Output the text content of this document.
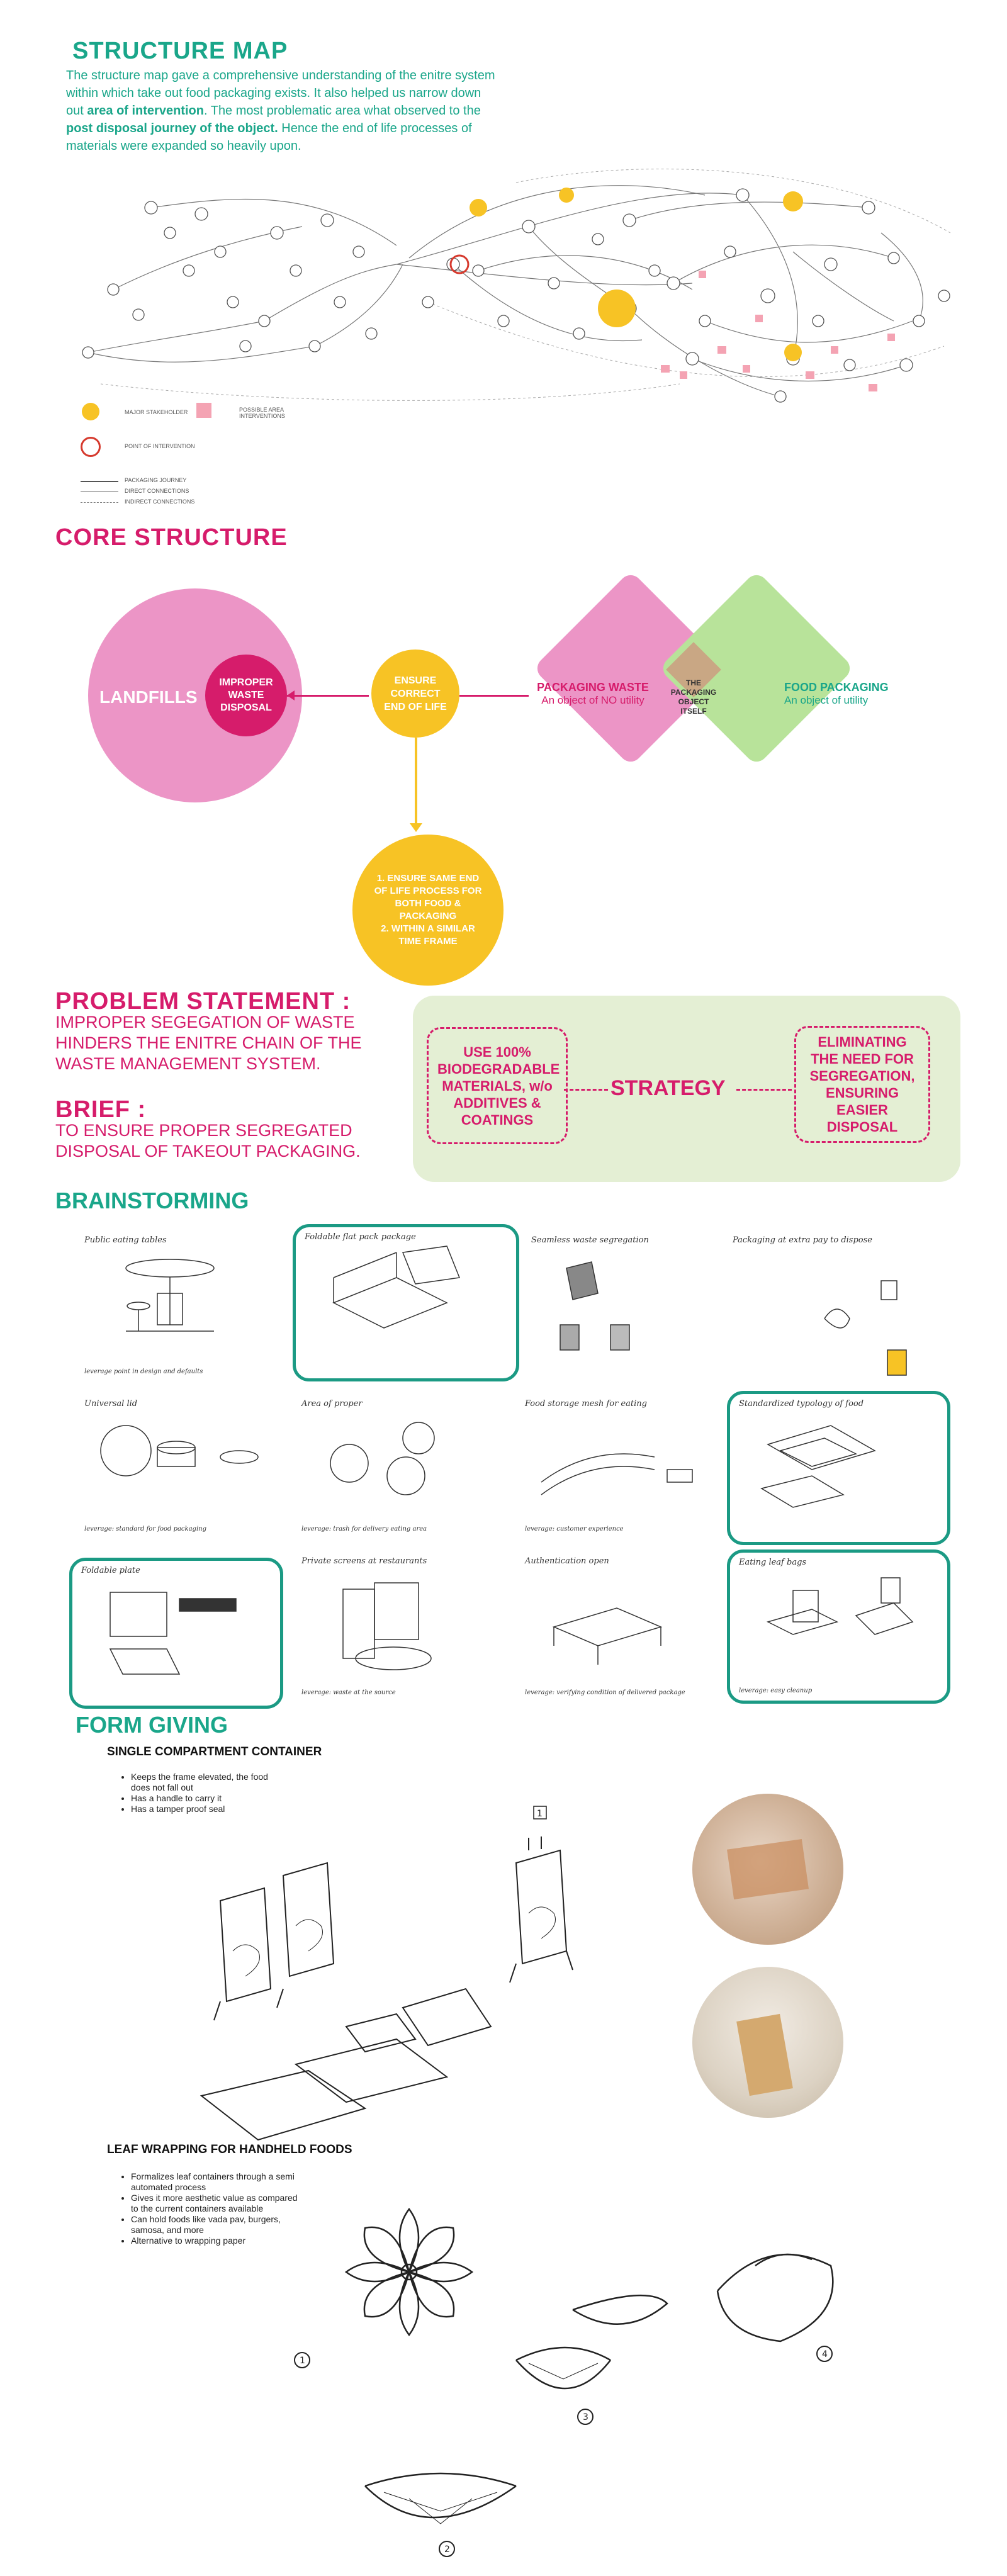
STRUCTURE MAP
The structure map gave a comprehensive understanding of the enitre system within which take out food packaging exists. It also helped us narrow down out area of intervention. The most problematic area what observed to the post disposal journey of the object. Hence the end of life processes of materials were expanded so heavily upon.
MAJOR STAKEHOLDER	POSSIBLE AREA INTERVENTIONS
POINT OF INTERVENTION
PACKAGING JOURNEY
DIRECT CONNECTIONS
INDIRECT CONNECTIONS
CORE STRUCTURE
LANDFILLS
IMPROPER WASTE DISPOSAL
ENSURE CORRECT END OF LIFE
1. ENSURE SAME END OF LIFE PROCESS FOR BOTH FOOD & PACKAGING
2. WITHIN A SIMILAR TIME FRAME
PACKAGING WASTE
An object of NO utility
THE PACKAGING OBJECT ITSELF
FOOD PACKAGING
An object of utility
PROBLEM STATEMENT :
IMPROPER SEGEGATION OF WASTE HINDERS THE ENITRE CHAIN OF THE WASTE MANAGEMENT SYSTEM.
BRIEF :
TO ENSURE PROPER SEGREGATED DISPOSAL OF TAKEOUT PACKAGING.
USE 100% BIODEGRADABLE MATERIALS, w/o ADDITIVES & COATINGS
STRATEGY
ELIMINATING THE NEED FOR SEGREGATION, ENSURING EASIER DISPOSAL
BRAINSTORMING
Public eating tables
leverage point in design and defaults
Foldable flat pack package	Seamless waste segregation	Packaging at extra pay to dispose
Universal lid
leverage: standard for food packaging
Area of proper
leverage: trash for delivery eating area
Food storage mesh for eating
leverage: customer experience
Standardized typology of food
Foldable plate
Private screens at restaurants
leverage: waste at the source
Authentication open
leverage: verifying condition of delivered package
Eating leaf bags
leverage: easy cleanup
FORM GIVING
SINGLE COMPARTMENT CONTAINER
• Keeps the frame elevated, the food does not fall out
• Has a handle to carry it
• Has a tamper proof seal	1
LEAF WRAPPING FOR HANDHELD FOODS
• Formalizes leaf containers through a semi automated process
• Gives it more aesthetic value as compared to the current containers available
• Can hold foods like vada pav, burgers, samosa, and more
• Alternative to wrapping paper
1
2
3
4
